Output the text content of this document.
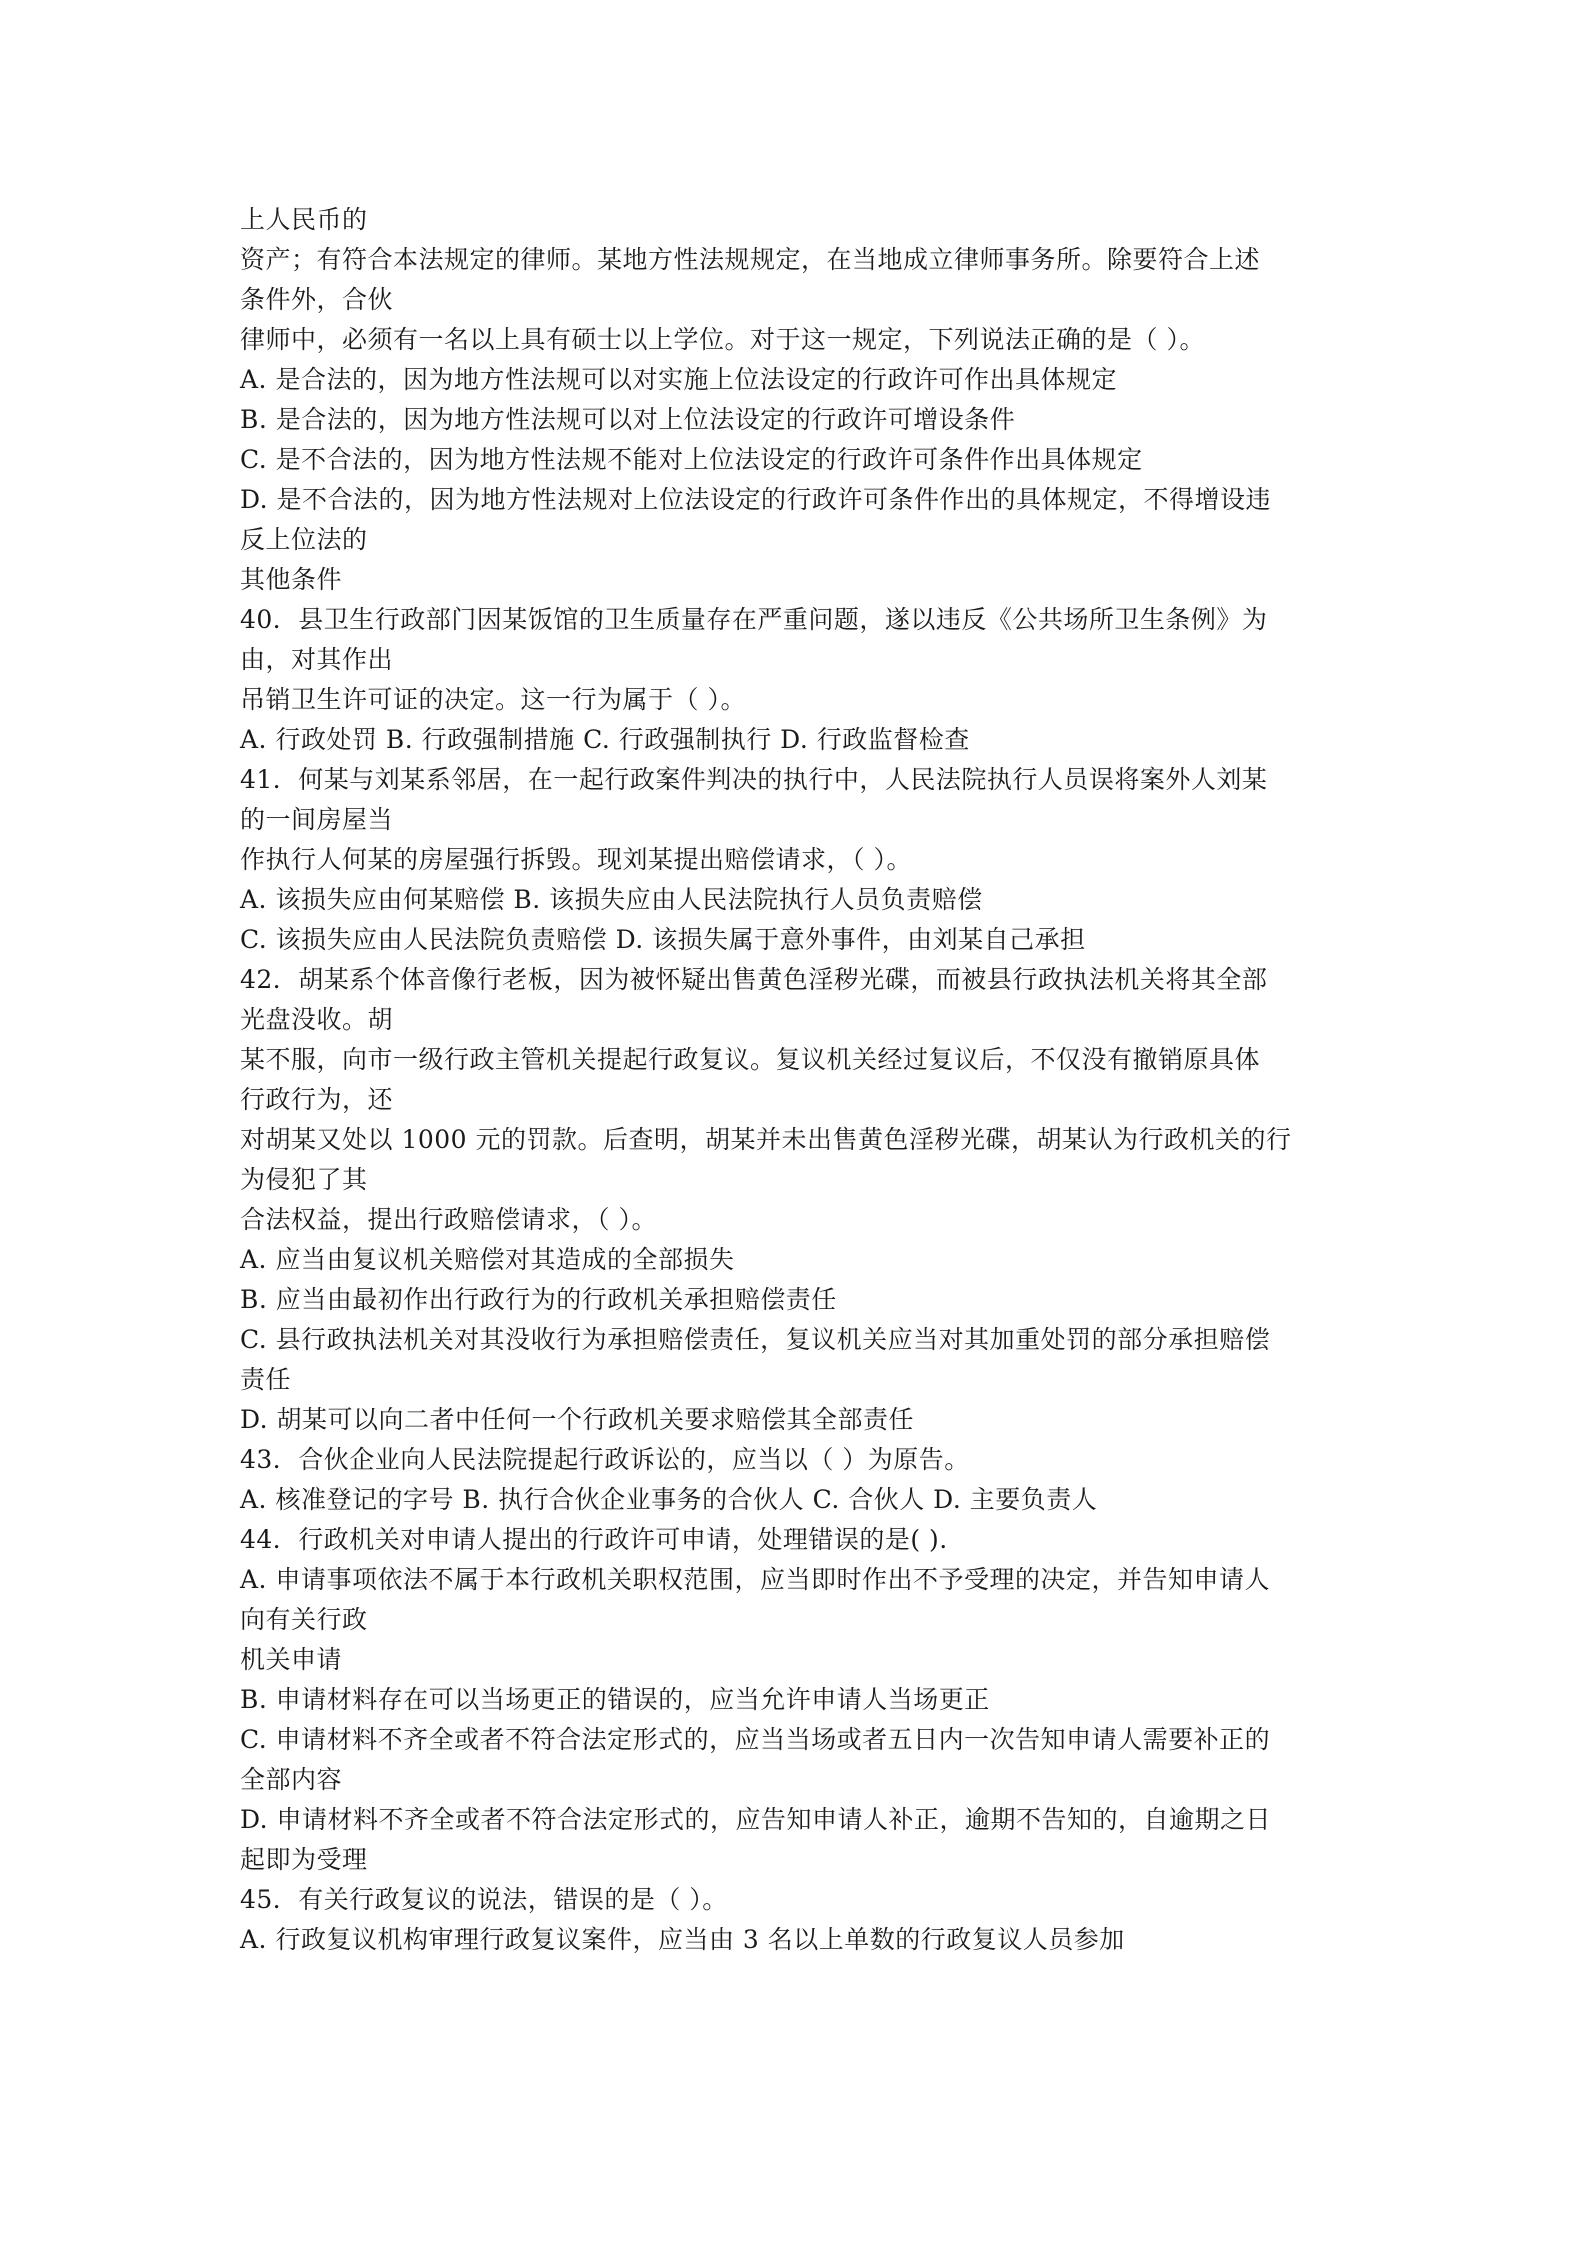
上人民币的
资产；有符合本法规定的律师。某地方性法规规定，在当地成立律师事务所。除要符合上述
条件外，合伙
律师中，必须有一名以上具有硕士以上学位。对于这一规定，下列说法正确的是（ ）。
A. 是合法的，因为地方性法规可以对实施上位法设定的行政许可作出具体规定
B. 是合法的，因为地方性法规可以对上位法设定的行政许可增设条件
C. 是不合法的，因为地方性法规不能对上位法设定的行政许可条件作出具体规定
D. 是不合法的，因为地方性法规对上位法设定的行政许可条件作出的具体规定，不得增设违
反上位法的
其他条件
40．县卫生行政部门因某饭馆的卫生质量存在严重问题，遂以违反《公共场所卫生条例》为
由，对其作出
吊销卫生许可证的决定。这一行为属于（ ）。
A. 行政处罚 B. 行政强制措施 C. 行政强制执行 D. 行政监督检查
41．何某与刘某系邻居，在一起行政案件判决的执行中，人民法院执行人员误将案外人刘某
的一间房屋当
作执行人何某的房屋强行拆毁。现刘某提出赔偿请求，（ ）。
A. 该损失应由何某赔偿 B. 该损失应由人民法院执行人员负责赔偿
C. 该损失应由人民法院负责赔偿 D. 该损失属于意外事件，由刘某自己承担
42．胡某系个体音像行老板，因为被怀疑出售黄色淫秽光碟，而被县行政执法机关将其全部
光盘没收。胡
某不服，向市一级行政主管机关提起行政复议。复议机关经过复议后，不仅没有撤销原具体
行政行为，还
对胡某又处以 1000 元的罚款。后查明，胡某并未出售黄色淫秽光碟，胡某认为行政机关的行
为侵犯了其
合法权益，提出行政赔偿请求，（ ）。
A. 应当由复议机关赔偿对其造成的全部损失
B. 应当由最初作出行政行为的行政机关承担赔偿责任
C. 县行政执法机关对其没收行为承担赔偿责任，复议机关应当对其加重处罚的部分承担赔偿
责任
D. 胡某可以向二者中任何一个行政机关要求赔偿其全部责任
43．合伙企业向人民法院提起行政诉讼的，应当以（ ）为原告。
A. 核准登记的字号 B. 执行合伙企业事务的合伙人 C. 合伙人 D. 主要负责人
44．行政机关对申请人提出的行政许可申请，处理错误的是( ).
A. 申请事项依法不属于本行政机关职权范围，应当即时作出不予受理的决定，并告知申请人
向有关行政
机关申请
B. 申请材料存在可以当场更正的错误的，应当允许申请人当场更正
C. 申请材料不齐全或者不符合法定形式的，应当当场或者五日内一次告知申请人需要补正的
全部内容
D. 申请材料不齐全或者不符合法定形式的，应告知申请人补正，逾期不告知的，自逾期之日
起即为受理
45．有关行政复议的说法，错误的是（ ）。
A. 行政复议机构审理行政复议案件，应当由 3 名以上单数的行政复议人员参加
